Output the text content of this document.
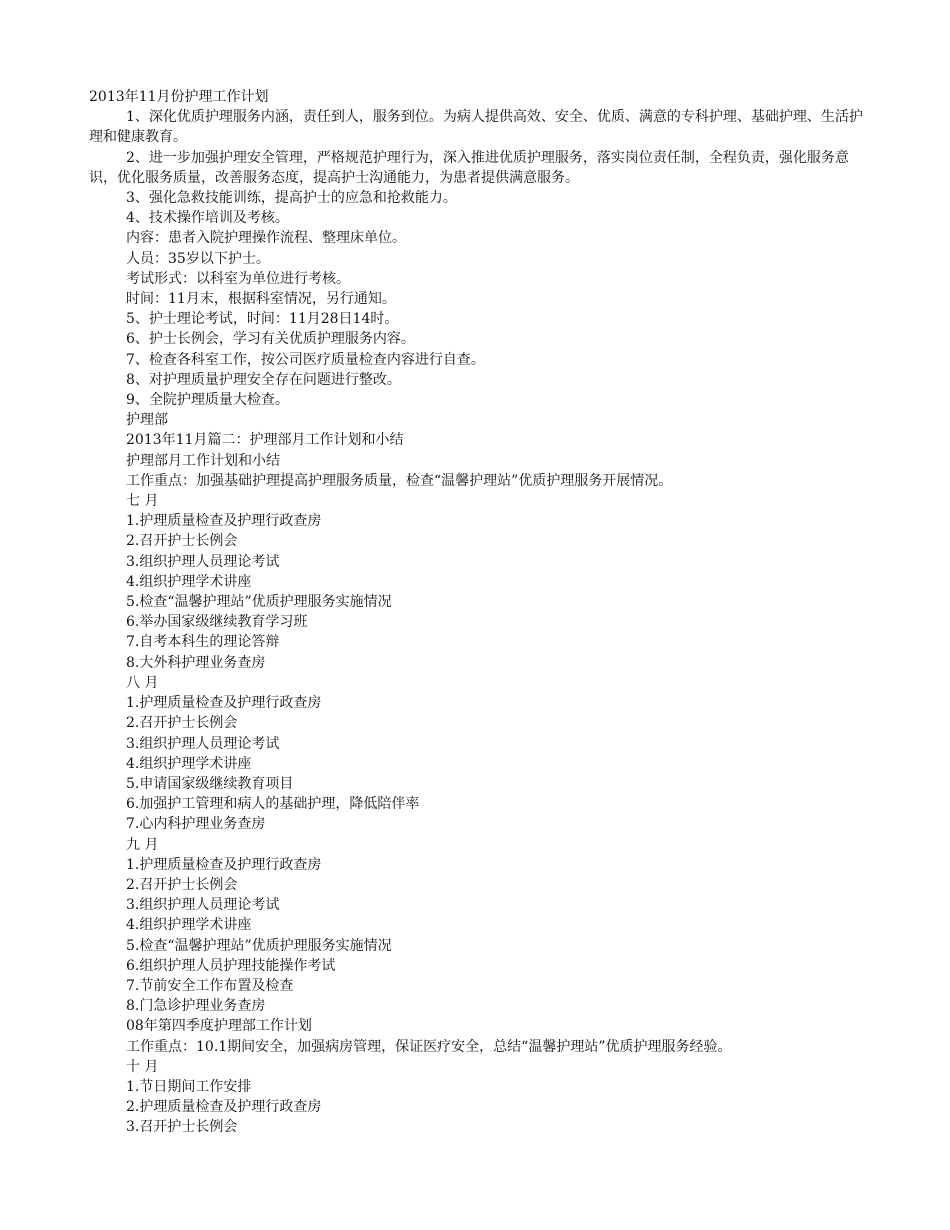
2013年11月份护理工作计划

1、深化优质护理服务内涵，责任到人，服务到位。为病人提供高效、安全、优质、满意的专科护理、基础护理、生活护理和健康教育。

2、进一步加强护理安全管理，严格规范护理行为，深入推进优质护理服务，落实岗位责任制，全程负责，强化服务意识，优化服务质量，改善服务态度，提高护士沟通能力，为患者提供满意服务。

3、强化急救技能训练，提高护士的应急和抢救能力。

4、技术操作培训及考核。

内容：患者入院护理操作流程、整理床单位。

人员：35岁以下护士。

考试形式：以科室为单位进行考核。

时间：11月末，根据科室情况，另行通知。

5、护士理论考试，时间：11月28日14时。

6、护士长例会，学习有关优质护理服务内容。

7、检查各科室工作，按公司医疗质量检查内容进行自查。

8、对护理质量护理安全存在问题进行整改。

9、全院护理质量大检查。

护理部

2013年11月篇二：护理部月工作计划和小结

护理部月工作计划和小结

工作重点：加强基础护理提高护理服务质量，检查“温馨护理站”优质护理服务开展情况。

七 月

1.护理质量检查及护理行政查房

2.召开护士长例会

3.组织护理人员理论考试

4.组织护理学术讲座

5.检查“温馨护理站”优质护理服务实施情况

6.举办国家级继续教育学习班

7.自考本科生的理论答辩

8.大外科护理业务查房

八 月

1.护理质量检查及护理行政查房

2.召开护士长例会

3.组织护理人员理论考试

4.组织护理学术讲座

5.申请国家级继续教育项目

6.加强护工管理和病人的基础护理，降低陪伴率

7.心内科护理业务查房

九 月

1.护理质量检查及护理行政查房

2.召开护士长例会

3.组织护理人员理论考试

4.组织护理学术讲座

5.检查“温馨护理站”优质护理服务实施情况

6.组织护理人员护理技能操作考试

7.节前安全工作布置及检查

8.门急诊护理业务查房

08年第四季度护理部工作计划

工作重点：10.1期间安全，加强病房管理，保证医疗安全，总结“温馨护理站”优质护理服务经验。

十 月

1.节日期间工作安排

2.护理质量检查及护理行政查房

3.召开护士长例会
